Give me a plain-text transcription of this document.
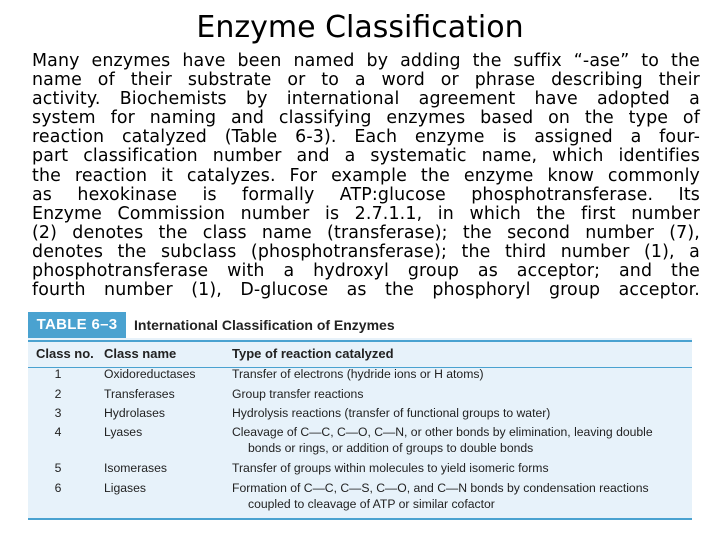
Enzyme Classification
Many enzymes have been named by adding the suffix “-ase” to the
name of their substrate or to a word or phrase describing their
activity. Biochemists by international agreement have adopted a
system for naming and classifying enzymes based on the type of
reaction catalyzed (Table 6-3). Each enzyme is assigned a four-
part classification number and a systematic name, which identifies
the reaction it catalyzes. For example the enzyme know commonly
as hexokinase is formally ATP:glucose phosphotransferase. Its
Enzyme Commission number is 2.7.1.1, in which the first number
(2) denotes the class name (transferase); the second number (7),
denotes the subclass (phosphotransferase); the third number (1), a
phosphotransferase with a hydroxyl group as acceptor; and the
fourth number (1), D-glucose as the phosphoryl group acceptor.
TABLE 6–3	International Classification of Enzymes
Class no. Class name	Type of reaction catalyzed
1	Oxidoreductases	Transfer of electrons (hydride ions or H atoms)
2	Transferases	Group transfer reactions
3	Hydrolases	Hydrolysis reactions (transfer of functional groups to water)
4	Lyases	Cleavage of C—C, C—O, C—N, or other bonds by elimination, leaving double
bonds or rings, or addition of groups to double bonds
5	Isomerases	Transfer of groups within molecules to yield isomeric forms
6	Ligases	Formation of C—C, C—S, C—O, and C—N bonds by condensation reactions
coupled to cleavage of ATP or similar cofactor
